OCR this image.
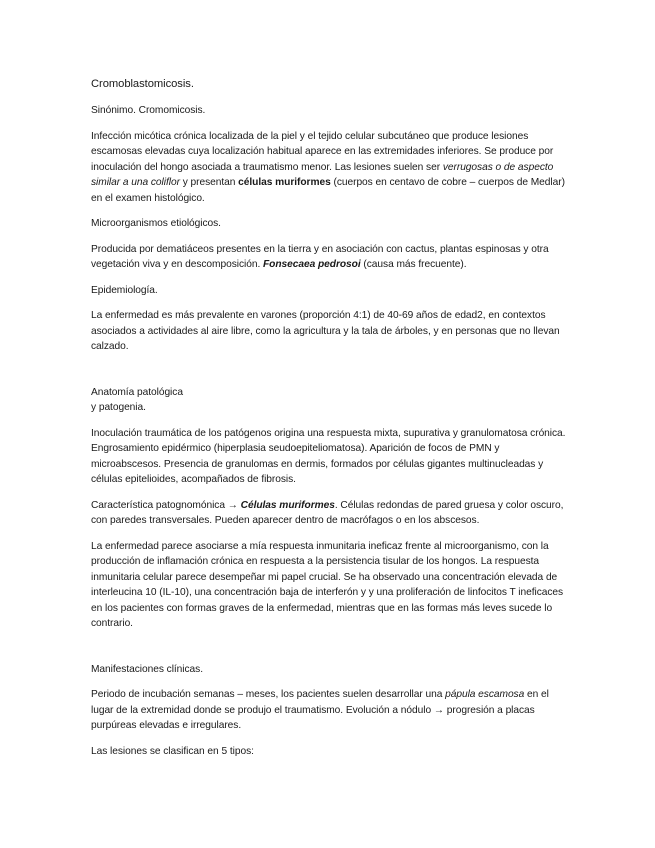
Cromoblastomicosis.

Sinónimo. Cromomicosis.

Infección micótica crónica localizada de la piel y el tejido celular subcutáneo que produce lesiones escamosas elevadas cuya localización habitual aparece en las extremidades inferiores. Se produce por inoculación del hongo asociada a traumatismo menor. Las lesiones suelen ser verrugosas o de aspecto similar a una coliflor y presentan células muriformes (cuerpos en centavo de cobre – cuerpos de Medlar) en el examen histológico.

Microorganismos etiológicos.

Producida por dematiáceos presentes en la tierra y en asociación con cactus, plantas espinosas y otra vegetación viva y en descomposición. Fonsecaea pedrosoi (causa más frecuente).

Epidemiología.

La enfermedad es más prevalente en varones (proporción 4:1) de 40-69 años de edad2, en contextos asociados a actividades al aire libre, como la agricultura y la tala de árboles, y en personas que no llevan calzado.

Anatomía patológica
y patogenia.

Inoculación traumática de los patógenos origina una respuesta mixta, supurativa y granulomatosa crónica. Engrosamiento epidérmico (hiperplasia seudoepiteliomatosa). Aparición de focos de PMN y microabscesos. Presencia de granulomas en dermis, formados por células gigantes multinucleadas y células epitelioides, acompañados de fibrosis.

Característica patognomónica → Células muriformes. Células redondas de pared gruesa y color oscuro, con paredes transversales. Pueden aparecer dentro de macrófagos o en los abscesos.

La enfermedad parece asociarse a mía respuesta inmunitaria ineficaz frente al microorganismo, con la producción de inflamación crónica en respuesta a la persistencia tisular de los hongos. La respuesta inmunitaria celular parece desempeñar mi papel crucial. Se ha observado una concentración elevada de interleucina 10 (IL-10), una concentración baja de interferón y y una proliferación de linfocitos T ineficaces en los pacientes con formas graves de la enfermedad, mientras que en las formas más leves sucede lo contrario.

Manifestaciones clínicas.

Periodo de incubación semanas – meses, los pacientes suelen desarrollar una pápula escamosa en el lugar de la extremidad donde se produjo el traumatismo. Evolución a nódulo → progresión a placas purpúreas elevadas e irregulares.

Las lesiones se clasifican en 5 tipos:
